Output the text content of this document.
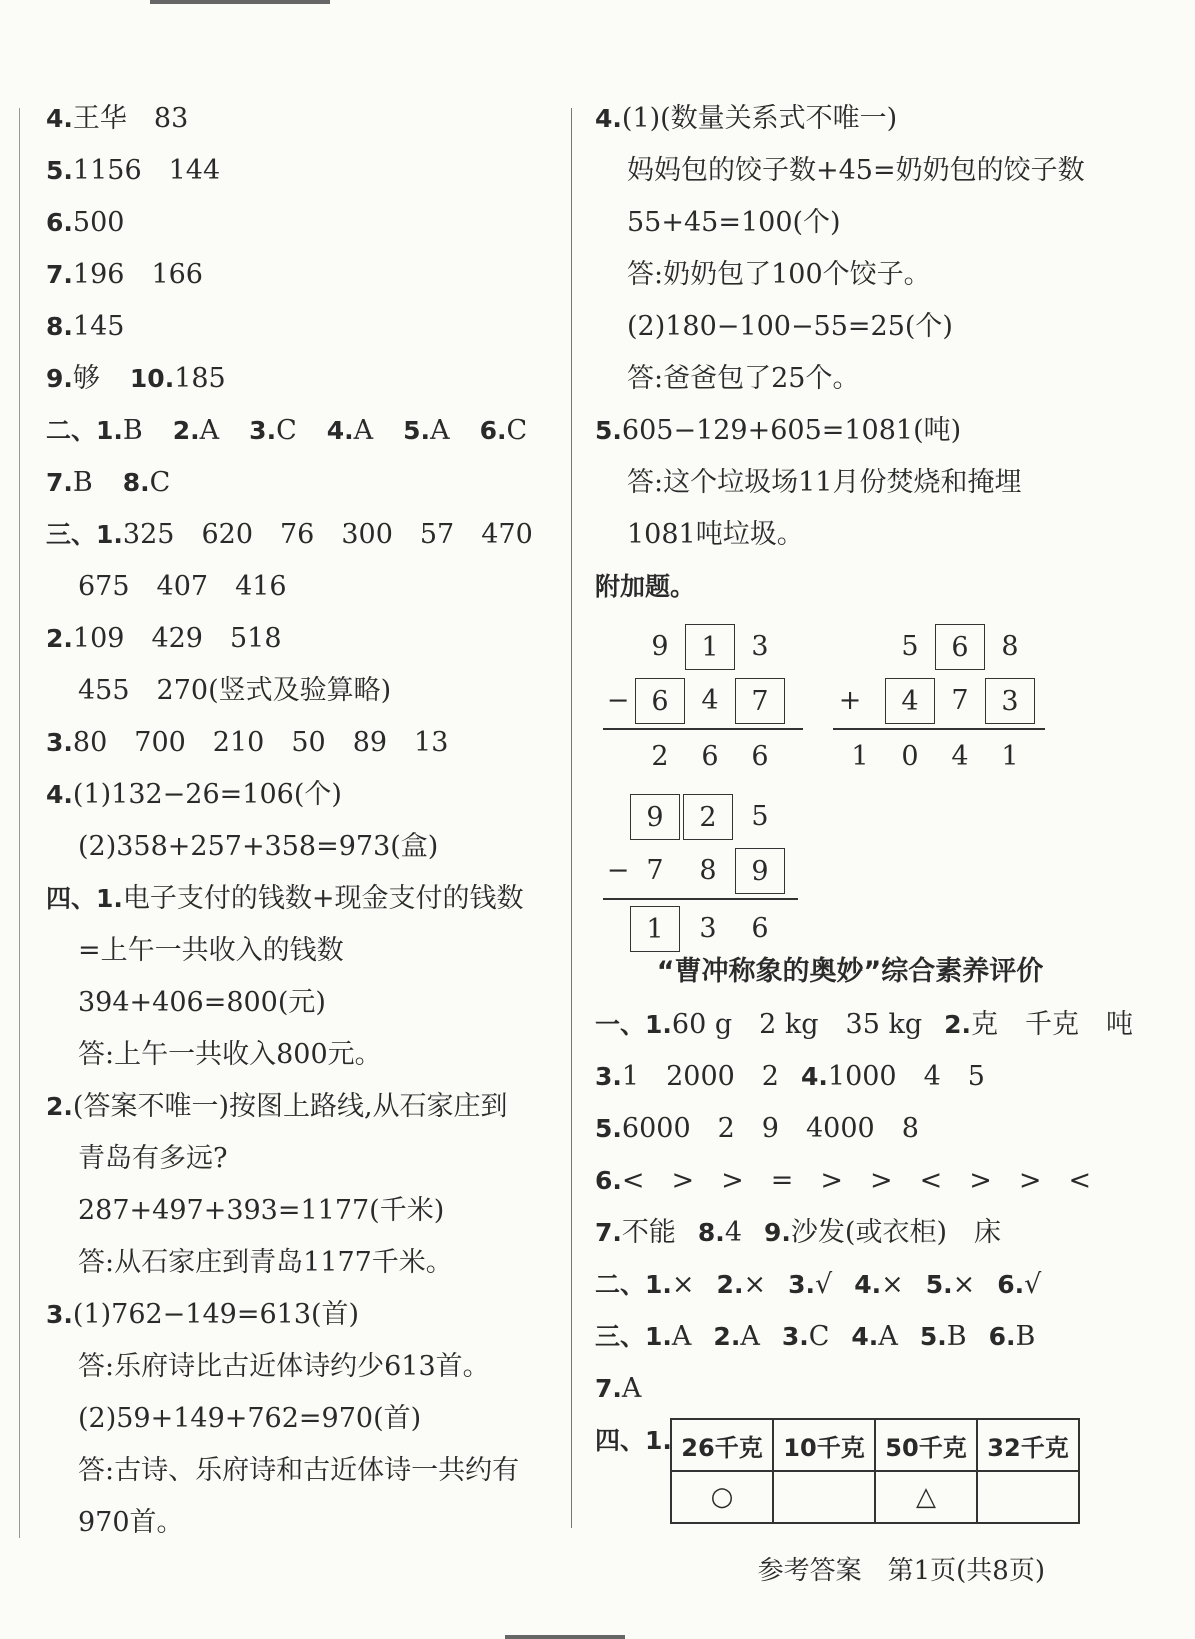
4.王华　83
5.1156　144
6.500
7.196　166
8.145
9.够 10.185
二、1.B 2.A 3.C 4.A 5.A 6.C
7.B 8.C
三、1.325　620　76　300　57　470
675　407　416
2.109　429　518
455　270(竖式及验算略)
3.80　700　210　50　89　13
4.(1)132−26=106(个)
(2)358+257+358=973(盒)
四、1.电子支付的钱数+现金支付的钱数
=上午一共收入的钱数
394+406=800(元)
答:上午一共收入800元。
2.(答案不唯一)按图上路线,从石家庄到
青岛有多远?
287+497+393=1177(千米)
答:从石家庄到青岛1177千米。
3.(1)762−149=613(首)
答:乐府诗比古近体诗约少613首。
(2)59+149+762=970(首)
答:古诗、乐府诗和古近体诗一共约有
970首。
4.(1)(数量关系式不唯一)
妈妈包的饺子数+45=奶奶包的饺子数
55+45=100(个)
答:奶奶包了100个饺子。
(2)180−100−55=25(个)
答:爸爸包了25个。
5.605−129+605=1081(吨)
答:这个垃圾场11月份焚烧和掩埋
1081吨垃圾。
附加题。
9	1	3
− 6	4	7
2	6	6
5	6	8
+	4	7	3
1	0	4	1
9	2	5
− 7	8	9
1	3	6
“曹冲称象的奥妙”综合素养评价
一、1.60 g　2 kg　35 kg 2.克　千克　吨
3.1　2000　2 4.1000　4　5
5.6000　2　9　4000　8
6.<　>　>　=　>　>　<　>　>　<
7.不能 8.4 9.沙发(或衣柜)　床
二、1.× 2.× 3.√ 4.× 5.× 6.√
三、1.A 2.A 3.C 4.A 5.B 6.B
7.A
四、1. 26千克	10千克	50千克	32千克
○		△	
参考答案　第1页(共8页)
